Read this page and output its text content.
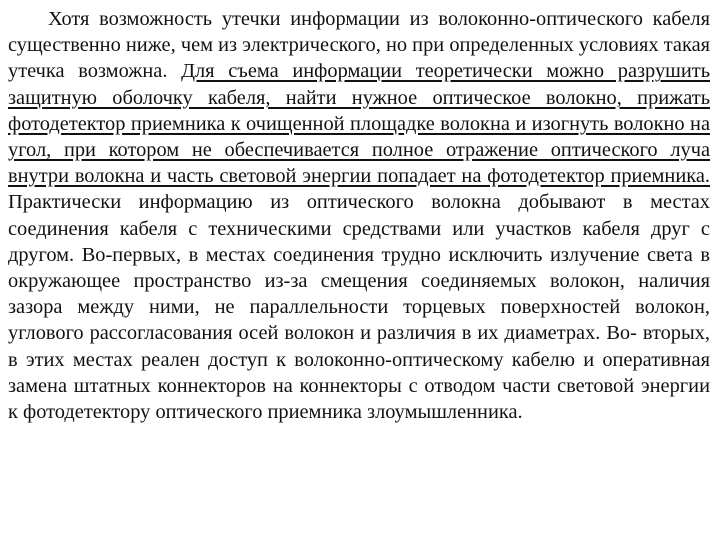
Хотя возможность утечки информации из волоконно-оптического кабеля существенно ниже, чем из электрического, но при определенных условиях такая утечка возможна. Для съема информации теоретически можно разрушить защитную оболочку кабеля, найти нужное оптическое волокно, прижать фотодетектор приемника к очищенной площадке волокна и изогнуть волокно на угол, при котором не обеспечивается полное отражение оптического луча внутри волокна и часть световой энергии попадает на фотодетектор приемника. Практически информацию из оптического волокна добывают в местах соединения кабеля с техническими средствами или участков кабеля друг с другом. Во-первых, в местах соединения трудно исключить излучение света в окружающее пространство из-за смещения соединяемых волокон, наличия зазора между ними, не параллельности торцевых поверхностей волокон, углового рассогласования осей волокон и различия в их диаметрах. Во- вторых, в этих местах реален доступ к волоконно-оптическому кабелю и оперативная замена штатных коннекторов на коннекторы с отводом части световой энергии к фотодетектору оптического приемника злоумышленника.
